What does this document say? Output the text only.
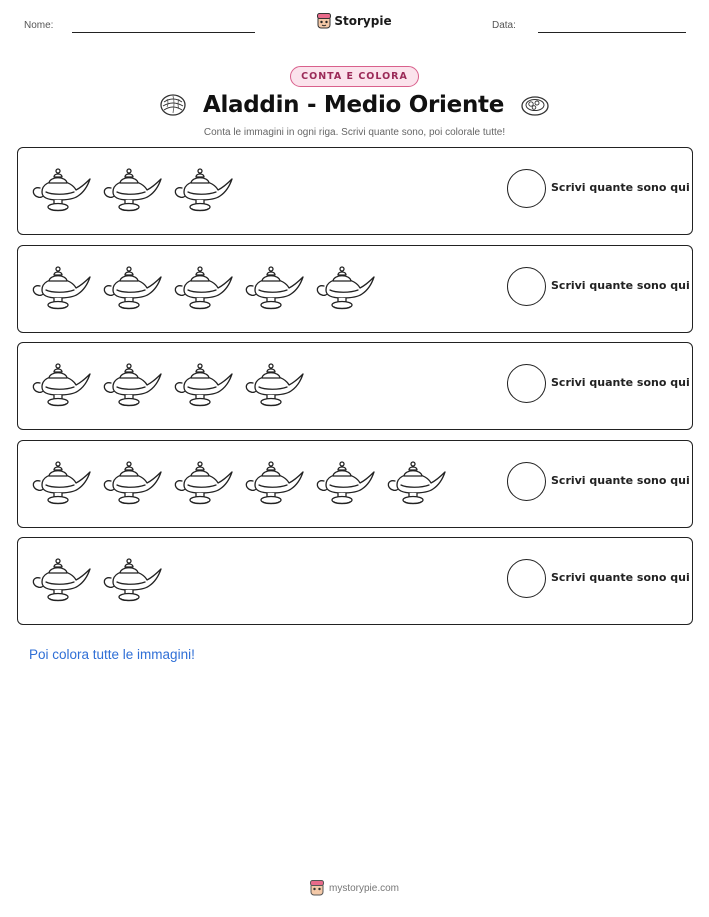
Nome:	Storypie	Data:
CONTA E COLORA
Aladdin - Medio Oriente
Conta le immagini in ogni riga. Scrivi quante sono, poi colorale tutte!
Scrivi quante sono qui
Scrivi quante sono qui
Scrivi quante sono qui
Scrivi quante sono qui
Scrivi quante sono qui
Poi colora tutte le immagini!
mystorypie.com
